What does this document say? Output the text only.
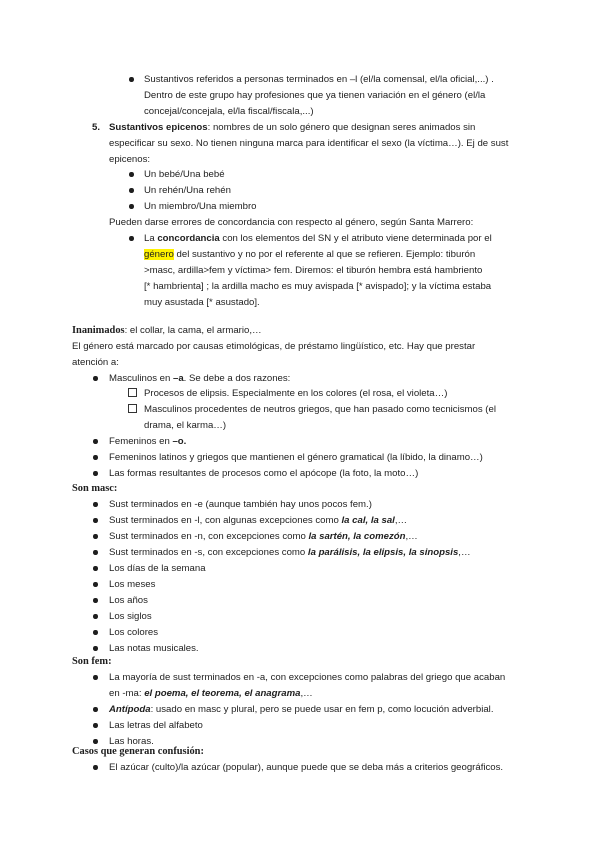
Sustantivos referidos a personas terminados en –l (el/la comensal, el/la oficial,...) .
Dentro de este grupo hay profesiones que ya tienen variación en el género (el/la
concejal/concejala, el/la fiscal/fiscala,...)
5. Sustantivos epicenos: nombres de un solo género que designan seres animados sin
especificar su sexo. No tienen ninguna marca para identificar el sexo (la víctima…). Ej de sust
epicenos:
Un bebé/Una bebé
Un rehén/Una rehén
Un miembro/Una miembro
Pueden darse errores de concordancia con respecto al género, según Santa Marrero:
La concordancia con los elementos del SN y el atributo viene determinada por el
género del sustantivo y no por el referente al que se refieren. Ejemplo: tiburón
>masc, ardilla>fem y víctima> fem. Diremos: el tiburón hembra está hambriento
[* hambrienta] ; la ardilla macho es muy avispada [* avispado]; y la víctima estaba
muy asustada [* asustado].
Inanimados: el collar, la cama, el armario,…
El género está marcado por causas etimológicas, de préstamo lingüístico, etc. Hay que prestar
atención a:
Masculinos en –a. Se debe a dos razones:
Procesos de elipsis. Especialmente en los colores (el rosa, el violeta…)
Masculinos procedentes de neutros griegos, que han pasado como tecnicismos (el
drama, el karma…)
Femeninos en –o.
Femeninos latinos y griegos que mantienen el género gramatical (la líbido, la dinamo…)
Las formas resultantes de procesos como el apócope (la foto, la moto…)
Son masc:
Sust terminados en -e (aunque también hay unos pocos fem.)
Sust terminados en -l, con algunas excepciones como la cal, la sal,…
Sust terminados en -n, con excepciones como la sartén, la comezón,…
Sust terminados en -s, con excepciones como la parálisis, la elipsis, la sinopsis,…
Los días de la semana
Los meses
Los años
Los siglos
Los colores
Las notas musicales.
Son fem:
La mayoría de sust terminados en -a, con excepciones como palabras del griego que acaban
en -ma: el poema, el teorema, el anagrama,…
Antípoda: usado en masc y plural, pero se puede usar en fem p, como locución adverbial.
Las letras del alfabeto
Las horas.
Casos que generan confusión:
El azúcar (culto)/la azúcar (popular), aunque puede que se deba más a criterios geográficos.
